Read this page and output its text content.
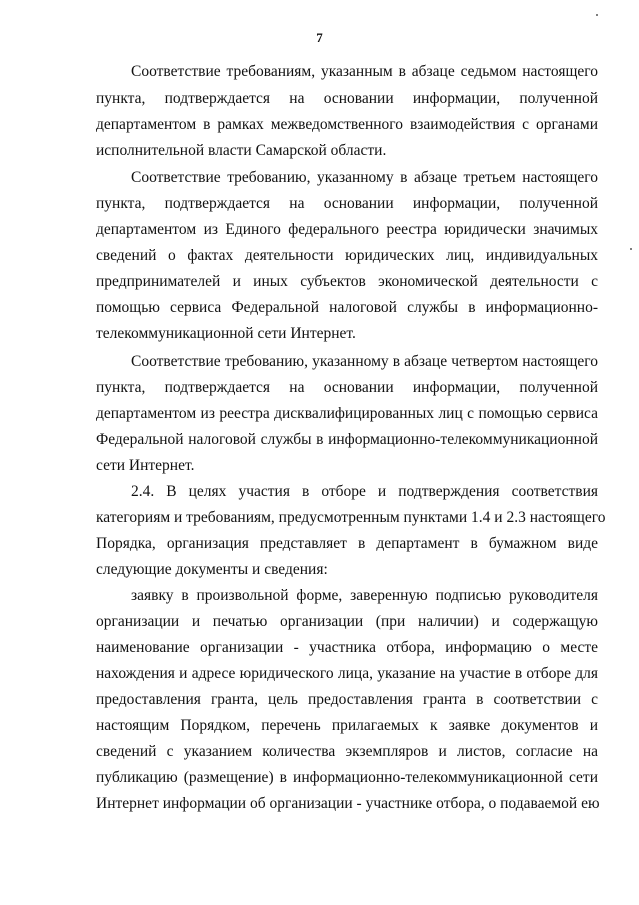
7
Соответствие требованиям, указанным в абзаце седьмом настоящего
пункта, подтверждается на основании информации, полученной
департаментом в рамках межведомственного взаимодействия с органами
исполнительной власти Самарской области.
Соответствие требованию, указанному в абзаце третьем настоящего
пункта, подтверждается на основании информации, полученной
департаментом из Единого федерального реестра юридически значимых
сведений о фактах деятельности юридических лиц, индивидуальных
предпринимателей и иных субъектов экономической деятельности с
помощью сервиса Федеральной налоговой службы в информационно-
телекоммуникационной сети Интернет.
Соответствие требованию, указанному в абзаце четвертом настоящего
пункта, подтверждается на основании информации, полученной
департаментом из реестра дисквалифицированных лиц с помощью сервиса
Федеральной налоговой службы в информационно-телекоммуникационной
сети Интернет.
2.4. В целях участия в отборе и подтверждения соответствия
категориям и требованиям, предусмотренным пунктами 1.4 и 2.3 настоящего
Порядка, организация представляет в департамент в бумажном виде
следующие документы и сведения:
заявку в произвольной форме, заверенную подписью руководителя
организации и печатью организации (при наличии) и содержащую
наименование организации - участника отбора, информацию о месте
нахождения и адресе юридического лица, указание на участие в отборе для
предоставления гранта, цель предоставления гранта в соответствии с
настоящим Порядком, перечень прилагаемых к заявке документов и
сведений с указанием количества экземпляров и листов, согласие на
публикацию (размещение) в информационно-телекоммуникационной сети
Интернет информации об организации - участнике отбора, о подаваемой ею
